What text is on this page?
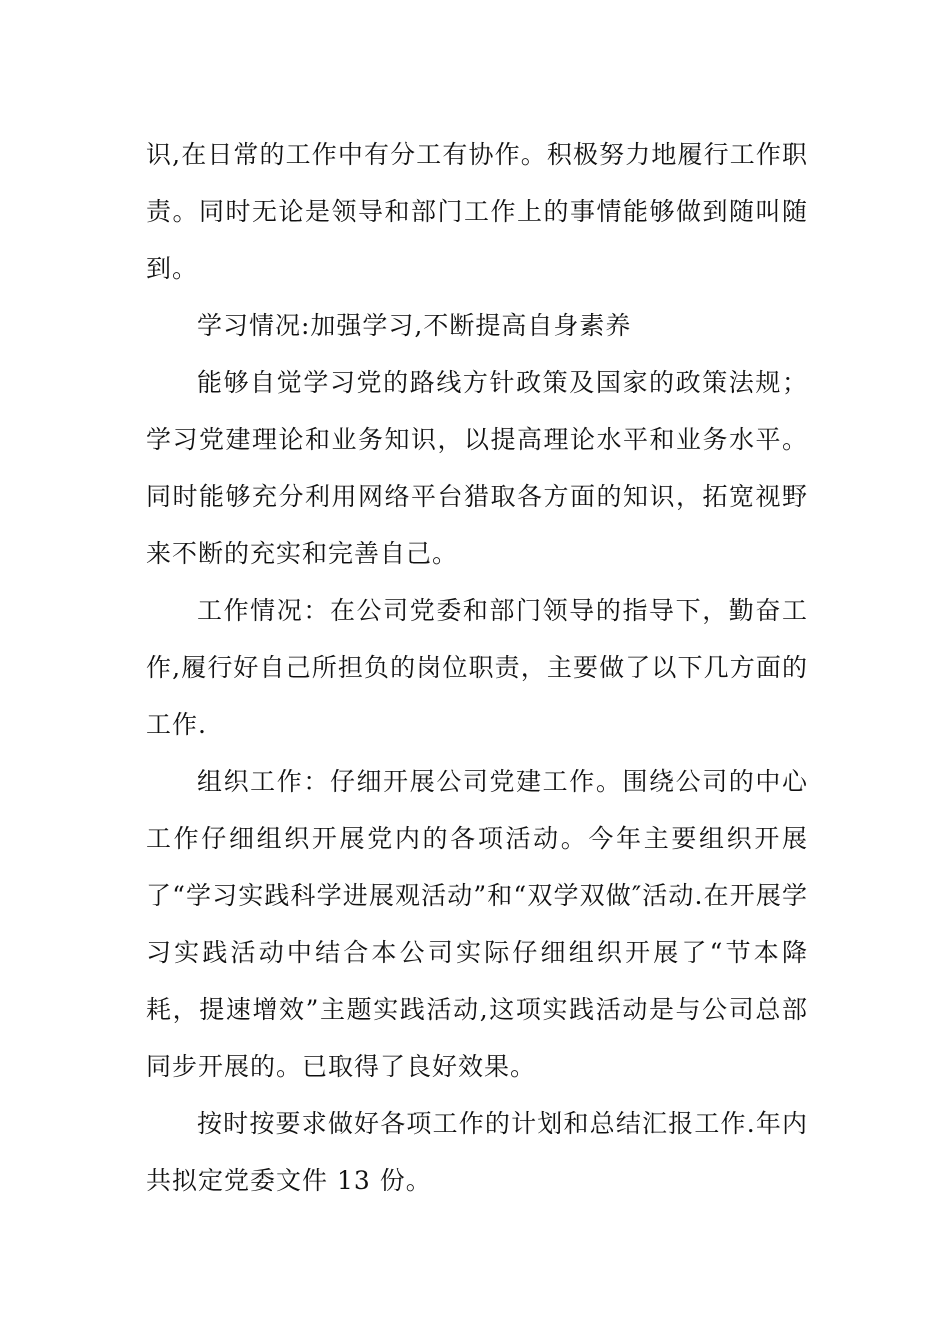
识,在日常的工作中有分工有协作。积极努力地履行工作职责。同时无论是领导和部门工作上的事情能够做到随叫随到。

学习情况:加强学习,不断提高自身素养

能够自觉学习党的路线方针政策及国家的政策法规；学习党建理论和业务知识，以提高理论水平和业务水平。同时能够充分利用网络平台猎取各方面的知识，拓宽视野来不断的充实和完善自己。

工作情况：在公司党委和部门领导的指导下，勤奋工作,履行好自己所担负的岗位职责，主要做了以下几方面的工作.

组织工作：仔细开展公司党建工作。围绕公司的中心工作仔细组织开展党内的各项活动。今年主要组织开展了“学习实践科学进展观活动”和“双学双做″活动.在开展学习实践活动中结合本公司实际仔细组织开展了“节本降耗，提速增效”主题实践活动,这项实践活动是与公司总部同步开展的。已取得了良好效果。

按时按要求做好各项工作的计划和总结汇报工作.年内共拟定党委文件 13 份。
